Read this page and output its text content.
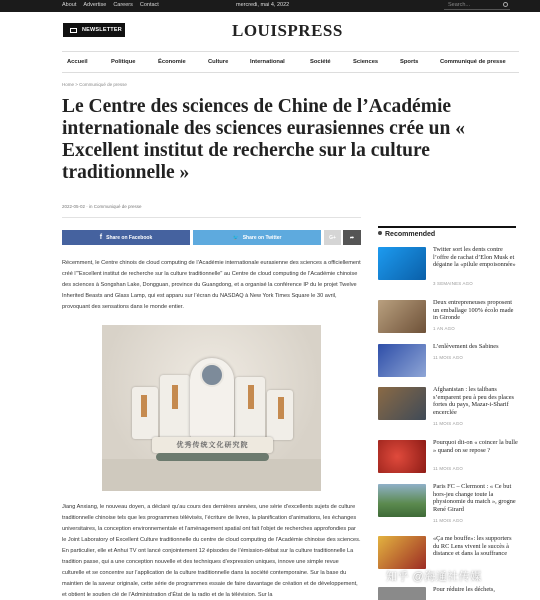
About Advertise Careers Contact	mercredi, mai 4, 2022	Search...
NEWSLETTER	LOUISPRESS
Accueil	Politique	Économie	Culture	International	Société	Sciences	Sports	Communiqué de presse
Home > Communiqué de presse
Le Centre des sciences de Chine de l’Académie internationale des sciences eurasiennes crée un « Excellent institut de recherche sur la culture traditionnelle »
2022-05-02 · in Communiqué de presse
f Share on Facebook	🐦 Share on Twitter	G+	➦

Récemment, le Centre chinois de cloud computing de l’Académie internationale eurasienne des sciences a officiellement créé l’"Excellent institut de recherche sur la culture traditionnelle" au Centre de cloud computing de l’Académie chinoise des sciences à Songshan Lake, Dongguan, province du Guangdong, et a organisé la conférence IP du le projet Twelve Inherited Beasts and Glass Lamp, qui est apparu sur l’écran du NASDAQ à New York Times Square le 30 avril, provoquant des sensations dans le monde entier.

优秀传统文化研究院

Jiang Anxiang, le nouveau doyen, a déclaré qu’au cours des dernières années, une série d’excellents sujets de culture traditionnelle chinoise tels que les programmes télévisés, l’écriture de livres, la planification d’animations, les échanges universitaires, la conception environnementale et l’aménagement spatial ont fait l’objet de recherches approfondies par le Joint Laboratory of Excellent Culture traditionnelle du centre de cloud computing de l’Académie chinoise des sciences. En particulier, elle et Anhui TV ont lancé conjointement 12 épisodes de l’émission-débat sur la culture traditionnelle La tradition passe, qui a une conception nouvelle et des techniques d’expression uniques, innove une simple revue culturelle et se concentre sur l’application de la culture traditionnelle dans la société contemporaine. Sur la base du maintien de la saveur originale, cette série de programmes essaie de faire davantage de création et de développement, et obtient le soutien clé de l’Administration d’État de la radio et de la télévision. Sur la

Recommended
Twitter sort les dents contre l’offre de rachat d’Elon Musk et dégaine la «pilule empoisonnée»
3 SEMAINES AGO
Deux entrepreneuses proposent un emballage 100% écolo made in Gironde
1 AN AGO
L’enlèvement des Sabines
11 MOIS AGO
Afghanistan : les talibans s’emparent peu à peu des places fortes du pays, Mazar-i-Sharif encerclée
11 MOIS AGO
Pourquoi dit-on « coincer la bulle » quand on se repose ?
11 MOIS AGO
Paris FC – Clermont : « Ce but hors-jeu change toute la physionomie du match », grogne René Girard
11 MOIS AGO
«Ça me bouffe»: les supporters du RC Lens vivent le succès à distance et dans la souffrance
Pour réduire les déchets,
知乎 @海通社传媒
